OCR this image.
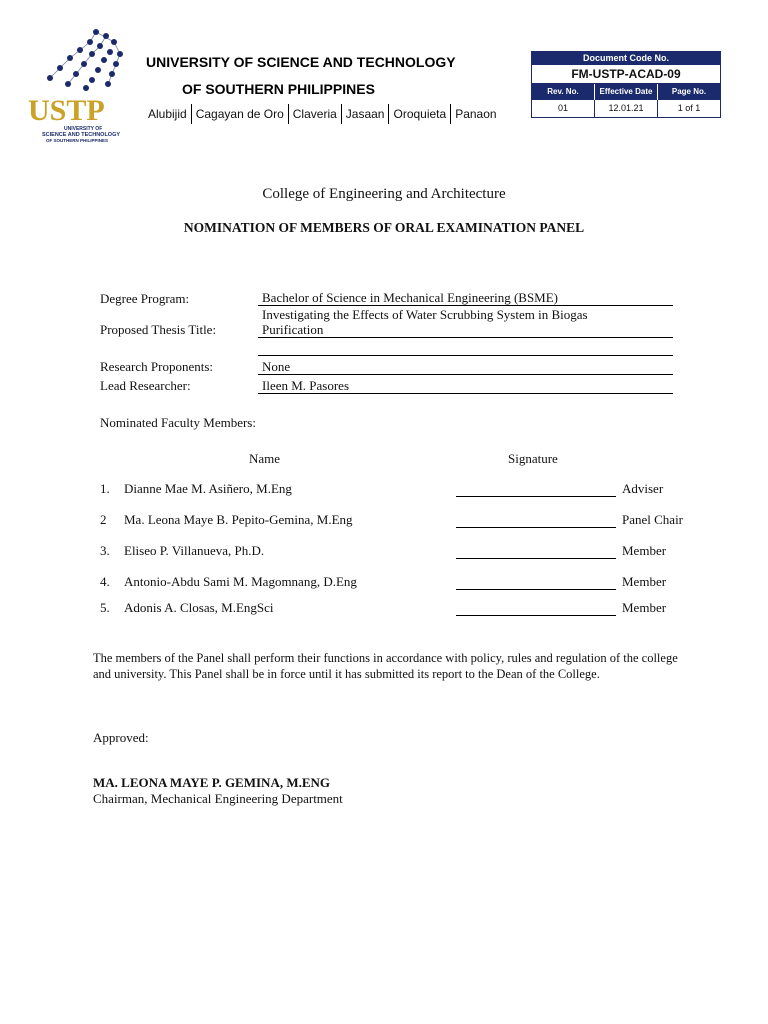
USTP
UNIVERSITY OF
SCIENCE AND TECHNOLOGY
OF SOUTHERN PHILIPPINES
UNIVERSITY OF SCIENCE AND TECHNOLOGY
OF SOUTHERN PHILIPPINES
Alubijid Cagayan de Oro Claveria Jasaan Oroquieta Panaon
Document Code No.
FM-USTP-ACAD-09
Rev. No.	Effective Date	Page No.
01	12.01.21	1 of 1
College of Engineering and Architecture
NOMINATION OF MEMBERS OF ORAL EXAMINATION PANEL
Degree Program:	Bachelor of Science in Mechanical Engineering (BSME)
Proposed Thesis Title:
Investigating the Effects of Water Scrubbing System in Biogas
Purification
Research Proponents:	None
Lead Researcher:	Ileen M. Pasores
Nominated Faculty Members:
Name	Signature
1. Dianne Mae M. Asiñero, M.Eng	Adviser
2 Ma. Leona Maye B. Pepito-Gemina, M.Eng	Panel Chair
3. Eliseo P. Villanueva, Ph.D.	Member
4. Antonio-Abdu Sami M. Magomnang, D.Eng	Member
5. Adonis A. Closas, M.EngSci	Member
The members of the Panel shall perform their functions in accordance with policy, rules and regulation of the college and university. This Panel shall be in force until it has submitted its report to the Dean of the College.
Approved:
MA. LEONA MAYE P. GEMINA, M.ENG
Chairman, Mechanical Engineering Department
